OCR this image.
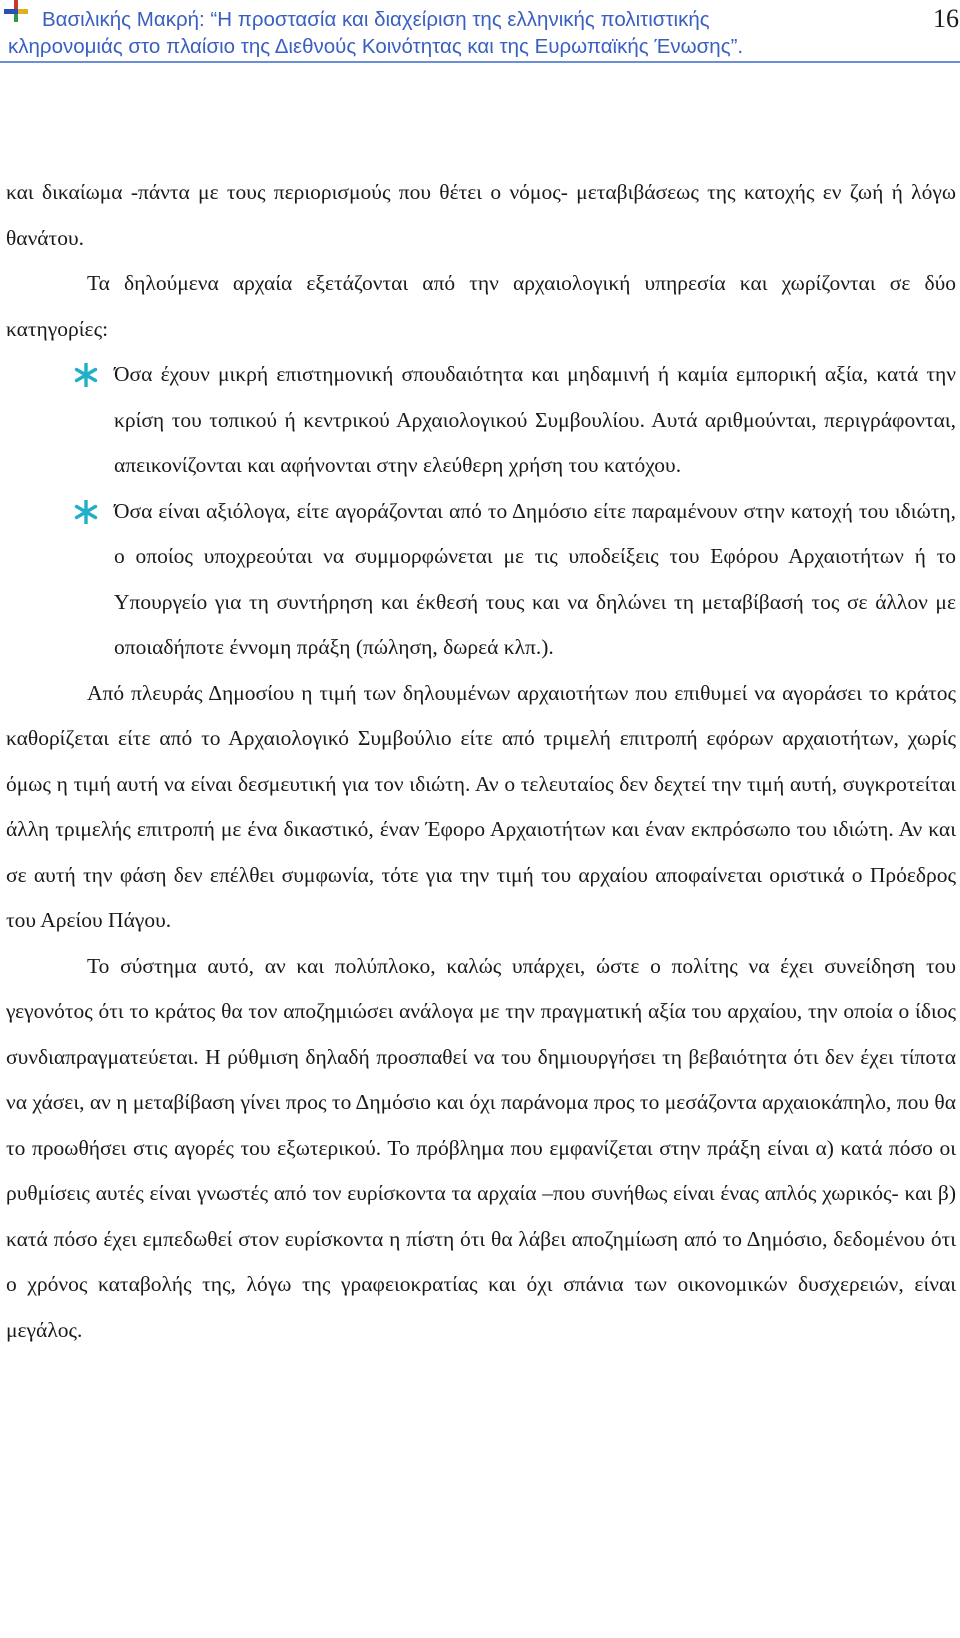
Βασιλικής Μακρή: “Η προστασία και διαχείριση της ελληνικής πολιτιστικής
κληρονομιάς στο πλαίσιο της Διεθνούς Κοινότητας και της Ευρωπαϊκής Ένωσης”.
16

και δικαίωμα -πάντα με τους περιορισμούς που θέτει ο νόμος- μεταβιβάσεως της κατοχής εν ζωή ή λόγω θανάτου.

Τα δηλούμενα αρχαία εξετάζονται από την αρχαιολογική υπηρεσία και χωρίζονται σε δύο κατηγορίες:

Όσα έχουν μικρή επιστημονική σπουδαιότητα και μηδαμινή ή καμία εμπορική αξία, κατά την κρίση του τοπικού ή κεντρικού Αρχαιολογικού Συμβουλίου. Αυτά αριθμούνται, περιγράφονται, απεικονίζονται και αφήνονται στην ελεύθερη χρήση του κατόχου.
Όσα είναι αξιόλογα, είτε αγοράζονται από το Δημόσιο είτε παραμένουν στην κατοχή του ιδιώτη, ο οποίος υποχρεούται να συμμορφώνεται με τις υποδείξεις του Εφόρου Αρχαιοτήτων ή το Υπουργείο για τη συντήρηση και έκθεσή τους και να δηλώνει τη μεταβίβασή τος σε άλλον με οποιαδήποτε έννομη πράξη (πώληση, δωρεά κλπ.).

Από πλευράς Δημοσίου η τιμή των δηλουμένων αρχαιοτήτων που επιθυμεί να αγοράσει το κράτος καθορίζεται είτε από το Αρχαιολογικό Συμβούλιο είτε από τριμελή επιτροπή εφόρων αρχαιοτήτων, χωρίς όμως η τιμή αυτή να είναι δεσμευτική για τον ιδιώτη. Αν ο τελευταίος δεν δεχτεί την τιμή αυτή, συγκροτείται άλλη τριμελής επιτροπή με ένα δικαστικό, έναν Έφορο Αρχαιοτήτων και έναν εκπρόσωπο του ιδιώτη. Αν και σε αυτή την φάση δεν επέλθει συμφωνία, τότε για την τιμή του αρχαίου αποφαίνεται οριστικά ο Πρόεδρος του Αρείου Πάγου.

Το σύστημα αυτό, αν και πολύπλοκο, καλώς υπάρχει, ώστε ο πολίτης να έχει συνείδηση του γεγονότος ότι το κράτος θα τον αποζημιώσει ανάλογα με την πραγματική αξία του αρχαίου, την οποία ο ίδιος συνδιαπραγματεύεται. Η ρύθμιση δηλαδή προσπαθεί να του δημιουργήσει τη βεβαιότητα ότι δεν έχει τίποτα να χάσει, αν η μεταβίβαση γίνει προς το Δημόσιο και όχι παράνομα προς το μεσάζοντα αρχαιοκάπηλο, που θα το προωθήσει στις αγορές του εξωτερικού. Το πρόβλημα που εμφανίζεται στην πράξη είναι α) κατά πόσο οι ρυθμίσεις αυτές είναι γνωστές από τον ευρίσκοντα τα αρχαία –που συνήθως είναι ένας απλός χωρικός- και β) κατά πόσο έχει εμπεδωθεί στον ευρίσκοντα η πίστη ότι θα λάβει αποζημίωση από το Δημόσιο, δεδομένου ότι ο χρόνος καταβολής της, λόγω της γραφειοκρατίας και όχι σπάνια των οικονομικών δυσχερειών, είναι μεγάλος.
